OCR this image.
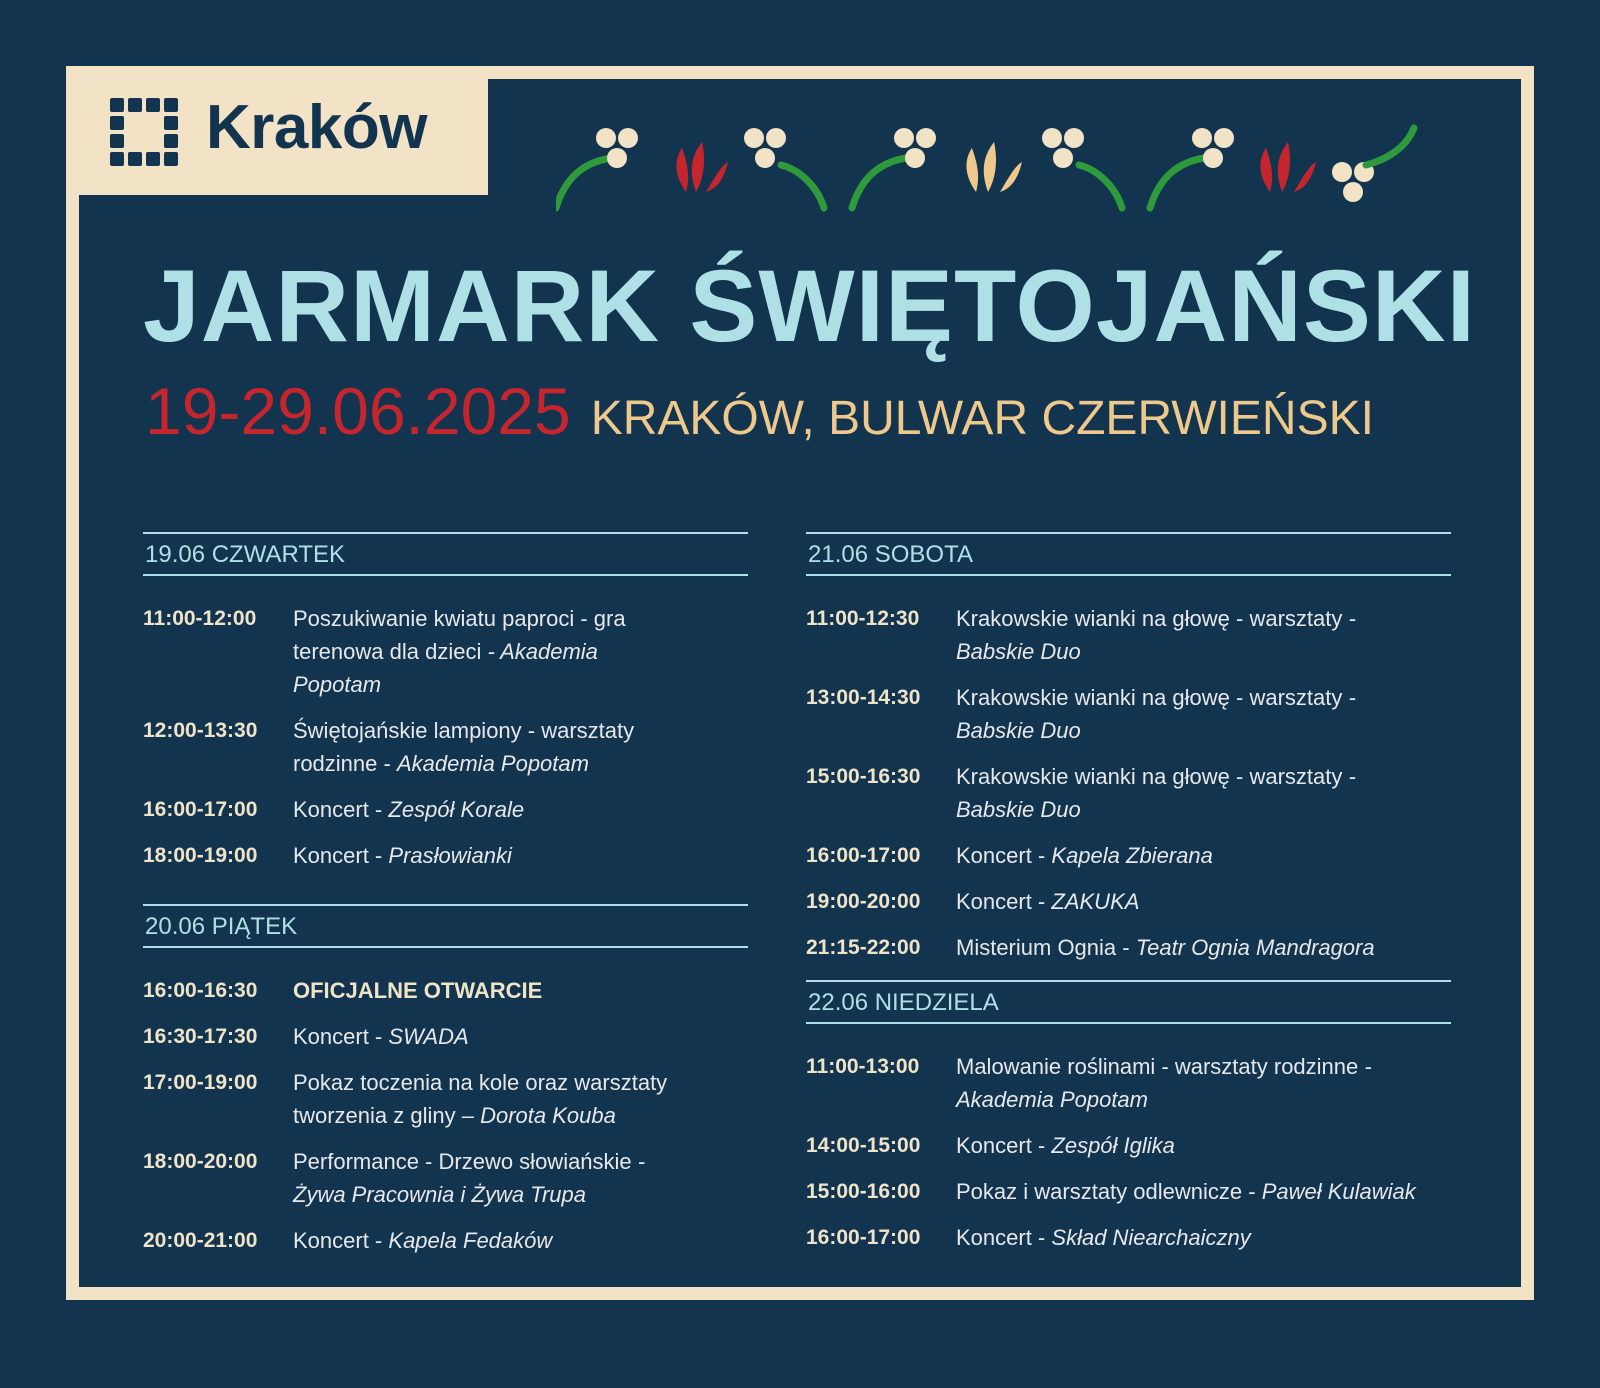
Kraków
JARMARK ŚWIĘTOJAŃSKI
19-29.06.2025 KRAKÓW, BULWAR CZERWIEŃSKI
19.06 CZWARTEK
11:00-12:00	Poszukiwanie kwiatu paproci - gra terenowa dla dzieci - Akademia Popotam
12:00-13:30	Świętojańskie lampiony - warsztaty rodzinne - Akademia Popotam
16:00-17:00	Koncert - Zespół Korale
18:00-19:00	Koncert - Prasłowianki
20.06 PIĄTEK
16:00-16:30	OFICJALNE OTWARCIE
16:30-17:30	Koncert - SWADA
17:00-19:00	Pokaz toczenia na kole oraz warsztaty tworzenia z gliny – Dorota Kouba
18:00-20:00	Performance - Drzewo słowiańskie - Żywa Pracownia i Żywa Trupa
20:00-21:00	Koncert - Kapela Fedaków
21.06 SOBOTA
11:00-12:30	Krakowskie wianki na głowę - warsztaty - Babskie Duo
13:00-14:30	Krakowskie wianki na głowę - warsztaty - Babskie Duo
15:00-16:30	Krakowskie wianki na głowę - warsztaty - Babskie Duo
16:00-17:00	Koncert - Kapela Zbierana
19:00-20:00	Koncert - ZAKUKA
21:15-22:00	Misterium Ognia - Teatr Ognia Mandragora
22.06 NIEDZIELA
11:00-13:00	Malowanie roślinami - warsztaty rodzinne - Akademia Popotam
14:00-15:00	Koncert - Zespół Iglika
15:00-16:00	Pokaz i warsztaty odlewnicze - Paweł Kulawiak
16:00-17:00	Koncert - Skład Niearchaiczny
